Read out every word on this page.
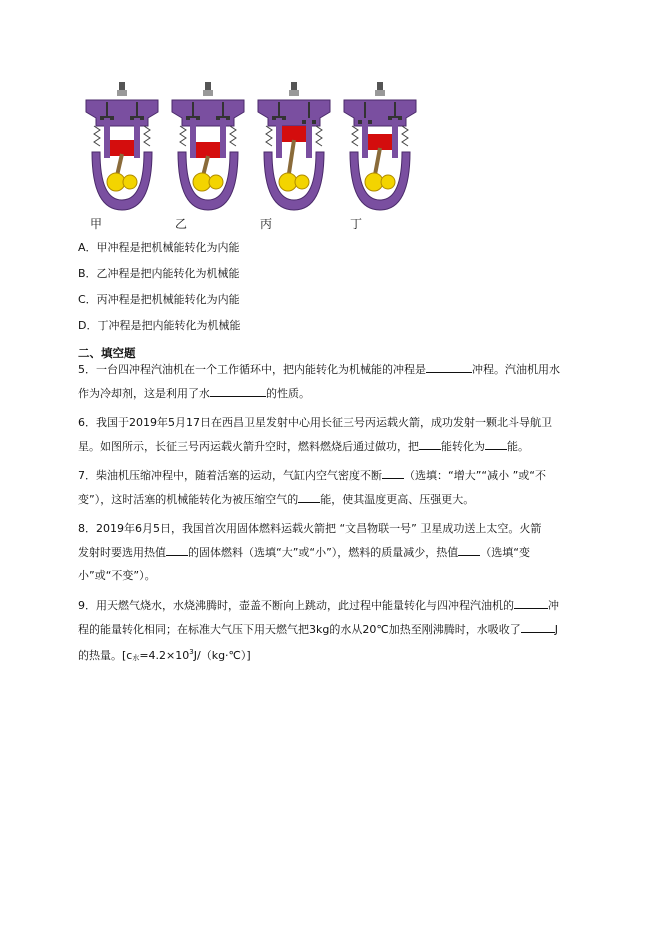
甲	乙	丙	丁
A．甲冲程是把机械能转化为内能
B．乙冲程是把内能转化为机械能
C．丙冲程是把机械能转化为内能
D．丁冲程是把内能转化为机械能
二、填空题
5．一台四冲程汽油机在一个工作循环中，把内能转化为机械能的冲程是	冲程。汽油机用水
作为冷却剂，这是利用了水	的性质。
6．我国于2019年5月17日在西昌卫星发射中心用长征三号丙运载火箭，成功发射一颗北斗导航卫
星。如图所示，长征三号丙运载火箭升空时，燃料燃烧后通过做功，把 能转化为 能。
7．柴油机压缩冲程中，随着活塞的运动，气缸内空气密度不断 （选填：“增大”“减小 ”或“不
变”），这时活塞的机械能转化为被压缩空气的 能，使其温度更高、压强更大。
8．2019年6月5日，我国首次用固体燃料运载火箭把 “文昌物联一号” 卫星成功送上太空。火箭
发射时要选用热值 的固体燃料（选填“大”或“小”），燃料的质量减少，热值 （选填“变
小”或“不变”）。
9．用天燃气烧水，水烧沸腾时，壶盖不断向上跳动，此过程中能量转化与四冲程汽油机的	冲
程的能量转化相同；在标准大气压下用天燃气把3kg的水从20℃加热至刚沸腾时，水吸收了	J
的热量。[c水$=4.2\times 10^3J/(kg\cdot℃)$]
